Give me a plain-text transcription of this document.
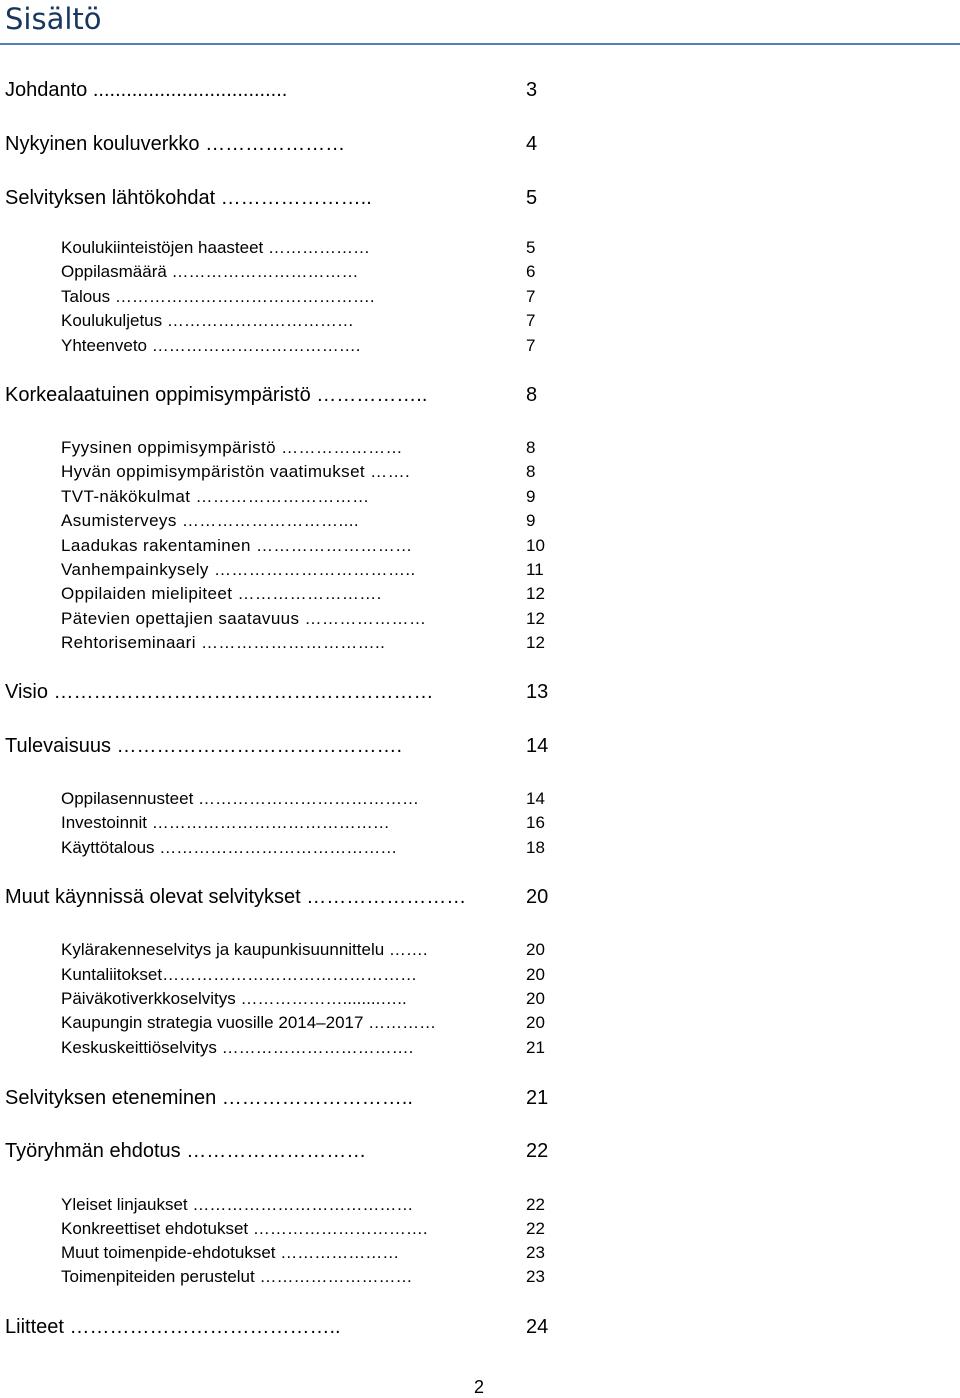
Sisältö
Johdanto ...................................	3
Nykyinen kouluverkko …………………	4
Selvityksen lähtökohdat …………………..	5
Koulukiinteistöjen haasteet ………………	5
Oppilasmäärä ……………………………	6
Talous ……………………………………….	7
Koulukuljetus ……………………………	7
Yhteenveto ……………………………….	7
Korkealaatuinen oppimisympäristö ……………..	8
Fyysinen oppimisympäristö …………………	8
Hyvän oppimisympäristön vaatimukset …….	8
TVT-näkökulmat …………………………	9
Asumisterveys ………………………....	9
Laadukas rakentaminen ………………………	10
Vanhempainkysely ……………………………..	11
Oppilaiden mielipiteet …………………….	12
Pätevien opettajien saatavuus …………………	12
Rehtoriseminaari …………………………..	12
Visio …………………………………………………	13
Tulevaisuus …………………………………….	14
Oppilasennusteet …………………………………	14
Investoinnit ……………………………………	16
Käyttötalous ……………………………………	18
Muut käynnissä olevat selvitykset ……………………	20
Kylärakenneselvitys ja kaupunkisuunnittelu …….	20
Kuntaliitokset………………………………………	20
Päiväkotiverkkoselvitys ………………........…..	20
Kaupungin strategia vuosille 2014–2017 …………	20
Keskuskeittiöselvitys …………………………….	21
Selvityksen eteneminen ………………………..	21
Työryhmän ehdotus ………………………	22
Yleiset linjaukset …………………………………	22
Konkreettiset ehdotukset ………………………….	22
Muut toimenpide-ehdotukset …………………	23
Toimenpiteiden perustelut ………………………	23
Liitteet …………………………………..	24
2
